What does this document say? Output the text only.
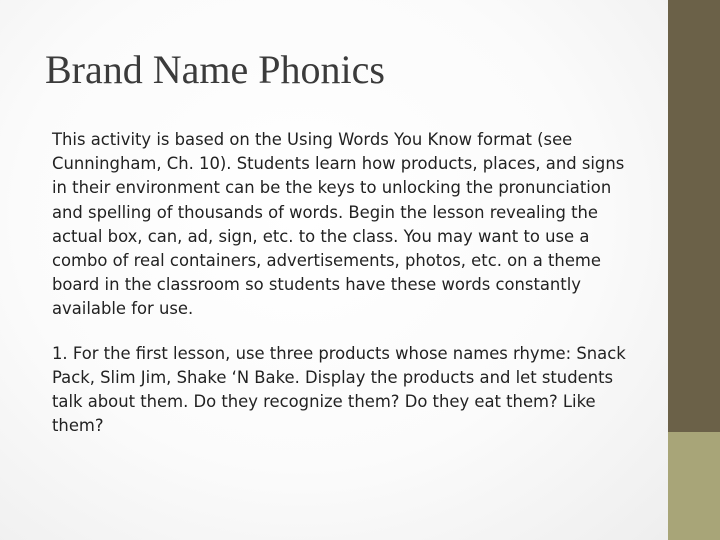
Brand Name Phonics

This activity is based on the Using Words You Know format (see Cunningham, Ch. 10). Students learn how products, places, and signs in their environment can be the keys to unlocking the pronunciation and spelling of thousands of words. Begin the lesson revealing the actual box, can, ad, sign, etc. to the class. You may want to use a combo of real containers, advertisements, photos, etc. on a theme board in the classroom so students have these words constantly available for use.

1. For the first lesson, use three products whose names rhyme: Snack Pack, Slim Jim, Shake ‘N Bake. Display the products and let students talk about them. Do they recognize them? Do they eat them? Like them?
